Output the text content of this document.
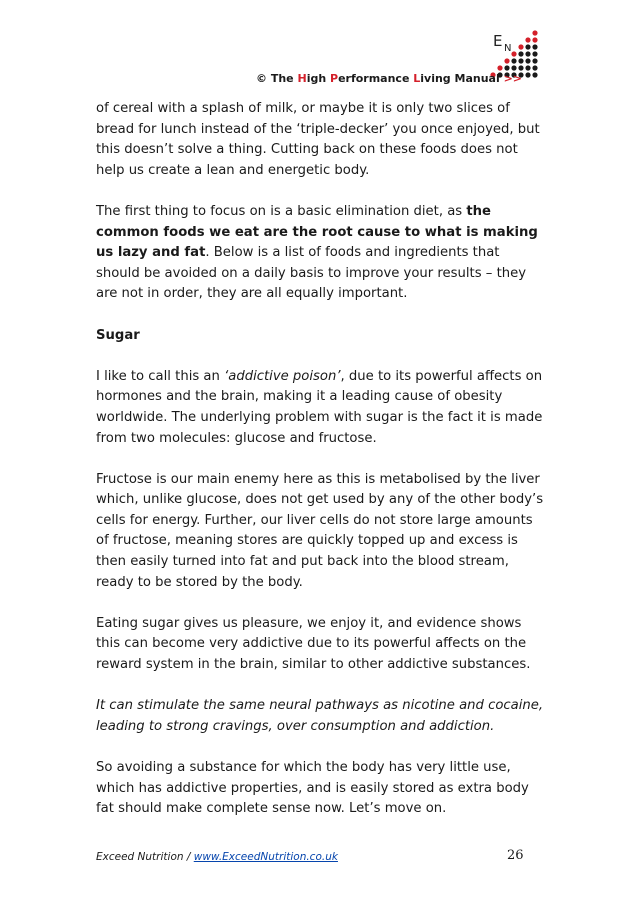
E N
© The High Performance Living Manual >>

of cereal with a splash of milk, or maybe it is only two slices of bread for lunch instead of the ‘triple-decker’ you once enjoyed, but this doesn’t solve a thing. Cutting back on these foods does not help us create a lean and energetic body.

The first thing to focus on is a basic elimination diet, as the common foods we eat are the root cause to what is making us lazy and fat. Below is a list of foods and ingredients that should be avoided on a daily basis to improve your results – they are not in order, they are all equally important.

Sugar

I like to call this an ‘addictive poison’, due to its powerful affects on hormones and the brain, making it a leading cause of obesity worldwide. The underlying problem with sugar is the fact it is made from two molecules: glucose and fructose.

Fructose is our main enemy here as this is metabolised by the liver which, unlike glucose, does not get used by any of the other body’s cells for energy. Further, our liver cells do not store large amounts of fructose, meaning stores are quickly topped up and excess is then easily turned into fat and put back into the blood stream, ready to be stored by the body.

Eating sugar gives us pleasure, we enjoy it, and evidence shows this can become very addictive due to its powerful affects on the reward system in the brain, similar to other addictive substances.

It can stimulate the same neural pathways as nicotine and cocaine, leading to strong cravings, over consumption and addiction.

So avoiding a substance for which the body has very little use, which has addictive properties, and is easily stored as extra body fat should make complete sense now. Let’s move on.

Exceed Nutrition / www.ExceedNutrition.co.uk	26
